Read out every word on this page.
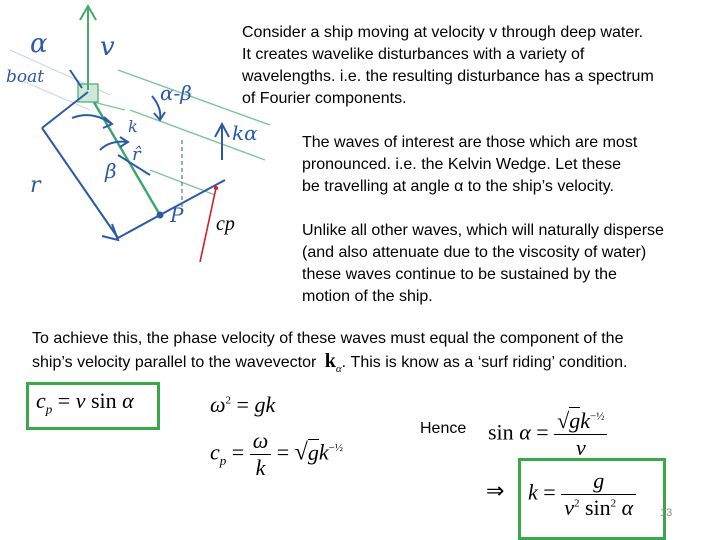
α v
boat
α-β
kα
r̂
β
r
P
k
cp
Consider a ship moving at velocity v through deep water.
It creates wavelike disturbances with a variety of
wavelengths. i.e. the resulting disturbance has a spectrum
of Fourier components.
The waves of interest are those which are most
pronounced. i.e. the Kelvin Wedge. Let these
be travelling at angle α to the ship’s velocity.
Unlike all other waves, which will naturally disperse
(and also attenuate due to the viscosity of water)
these waves continue to be sustained by the
motion of the ship.
To achieve this, the phase velocity of these waves must equal the component of the
ship’s velocity parallel to the wavevector $k_\alpha$. This is know as a ‘surf riding’ condition.
$c_p = v$ sin α	$\omega^2$ = gk
$c_p = \frac{\omega}{k} = √gk^{-\frac{1}{2}}$
Hence $\sin \alpha = \frac{√gk^{-\frac{1}{2}}}{v}$
⇒ $k = \frac{g}{v^2 \sin^2 \alpha} 13$
